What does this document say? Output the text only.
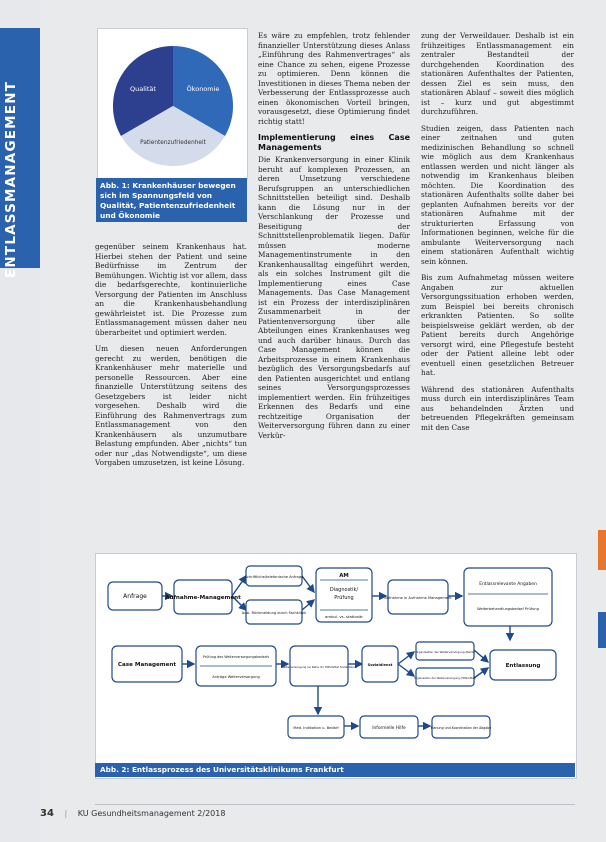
ENTLASSMANAGEMENT	Qualität	Ökonomie
Patientenzufriedenheit
Abb. 1: Krankenhäuser bewegen sich im Spannungsfeld von Qualität, Patientenzufriedenheit und Ökonomie

gegenüber seinem Krankenhaus hat. Hierbei stehen der Patient und seine Bedürfnisse im Zentrum der Bemühungen. Wichtig ist vor allem, dass die bedarfsgerechte, kontinuierliche Versorgung der Patienten im Anschluss an die Krankenhausbehandlung gewährleistet ist. Die Prozesse zum Entlassmanagement müssen daher neu überarbeitet und optimiert werden.

Um diesen neuen Anforderungen gerecht zu werden, benötigen die Krankenhäuser mehr materielle und personelle Ressourcen. Aber eine finanzielle Unterstützung seitens des Gesetzgebers ist leider nicht vorgesehen. Deshalb wird die Einführung des Rahmenvertrags zum Entlassmanagement von den Krankenhäusern als unzumutbare Belastung empfunden. Aber „nichts“ tun oder nur „das Notwendigste“, um diese Vorgaben umzusetzen, ist keine Lösung.

Es wäre zu empfehlen, trotz fehlender finanzieller Unterstützung dieses Anlass „Einführung des Rahmenvertrages“ als eine Chance zu sehen, eigene Prozesse zu optimieren. Denn können die Investitionen in dieses Thema neben der Verbesserung der Entlassprozesse auch einen ökonomischen Vorteil bringen, vorausgesetzt, diese Optimierung findet richtig statt!

Implementierung eines Case Managements

Die Krankenversorgung in einer Klinik beruht auf komplexen Prozessen, an deren Umsetzung verschiedene Berufsgruppen an unterschiedlichen Schnittstellen beteiligt sind. Deshalb kann die Lösung nur in der Verschlankung der Prozesse und Beseitigung der Schnittstellenproblematik liegen. Dafür müssen moderne Managementinstrumente in den Krankenhausalltag eingeführt werden, als ein solches Instrument gilt die Implementierung eines Case Managements. Das Case Management ist ein Prozess der interdisziplinären Zusammenarbeit in der Patientenversorgung über alle Abteilungen eines Krankenhauses weg und auch darüber hinaus. Durch das Case Management können die Arbeitsprozesse in einem Krankenhaus bezüglich des Versorgungsbedarfs auf den Patienten ausgerichtet und entlang seines Versorgungsprozesses implementiert werden. Ein frühzeitiges Erkennen des Bedarfs und eine rechtzeitige Organisation der Weiterversorgung führen dann zu einer Verkür-

zung der Verweildauer. Deshalb ist ein frühzeitiges Entlassmanagement ein zentraler Bestandteil der durchgehenden Koordination des stationären Aufenthaltes der Patienten, dessen Ziel es sein muss, den stationären Ablauf – soweit dies möglich ist – kurz und gut abgestimmt durchzuführen.

Studien zeigen, dass Patienten nach einer zeitnahen und guten medizinischen Behandlung so schnell wie möglich aus dem Krankenhaus entlassen werden und nicht länger als notwendig im Krankenhaus bleiben möchten. Die Koordination des stationären Aufenthalts sollte daher bei geplanten Aufnahmen bereits vor der stationären Aufnahme mit der strukturierten Erfassung von Informationen beginnen, welche für die ambulante Weiterversorgung nach einem stationären Aufenthalt wichtig sein können.

Bis zum Aufnahmetag müssen weitere Angaben zur aktuellen Versorgungssituation erhoben werden, zum Beispiel bei bereits chronisch erkrankten Patienten. So sollte beispielsweise geklärt werden, ob der Patient bereits durch Angehörige versorgt wird, eine Pflegestufe besteht oder der Patient alleine lebt oder eventuell einen gesetzlichen Betreuer hat.

Während des stationären Aufenthalts muss durch ein interdisziplinäres Team aus behandelnden Ärzten und betreuenden Pflegekräften gemeinsam mit den Case

Anfrage	Aufnahme-Management
Schriftliche/telefonische Anfrage
Ausl. Rückmeldung durch Fachklinik
AM
Diagnostik/
Prüfung
ambul. vs. stationär
Aufnahme in Aufnahme Management
Entlassrelevante Angaben
Weiterbehandlungsbedarf Prüfung
Case Management
Prüfung des Weiterversorgungsbedarfs
Anträge Weiterversorgung
Weiterversorgung (a) Reha (b) Hilfsmittel Sozialdienst	Sozialdienst
Organisation der Weiterversorgung (Reha)
Organisation der Weiterversorgung (Hilfsmittel)
Entlassung
Med. Indikation u. Bedarf	Informelle Hilfe	Planung und Koordination der Abgabe
Abb. 2: Entlassprozess des Universitätsklinikums Frankfurt
34 | KU Gesundheitsmanagement 2/2018
